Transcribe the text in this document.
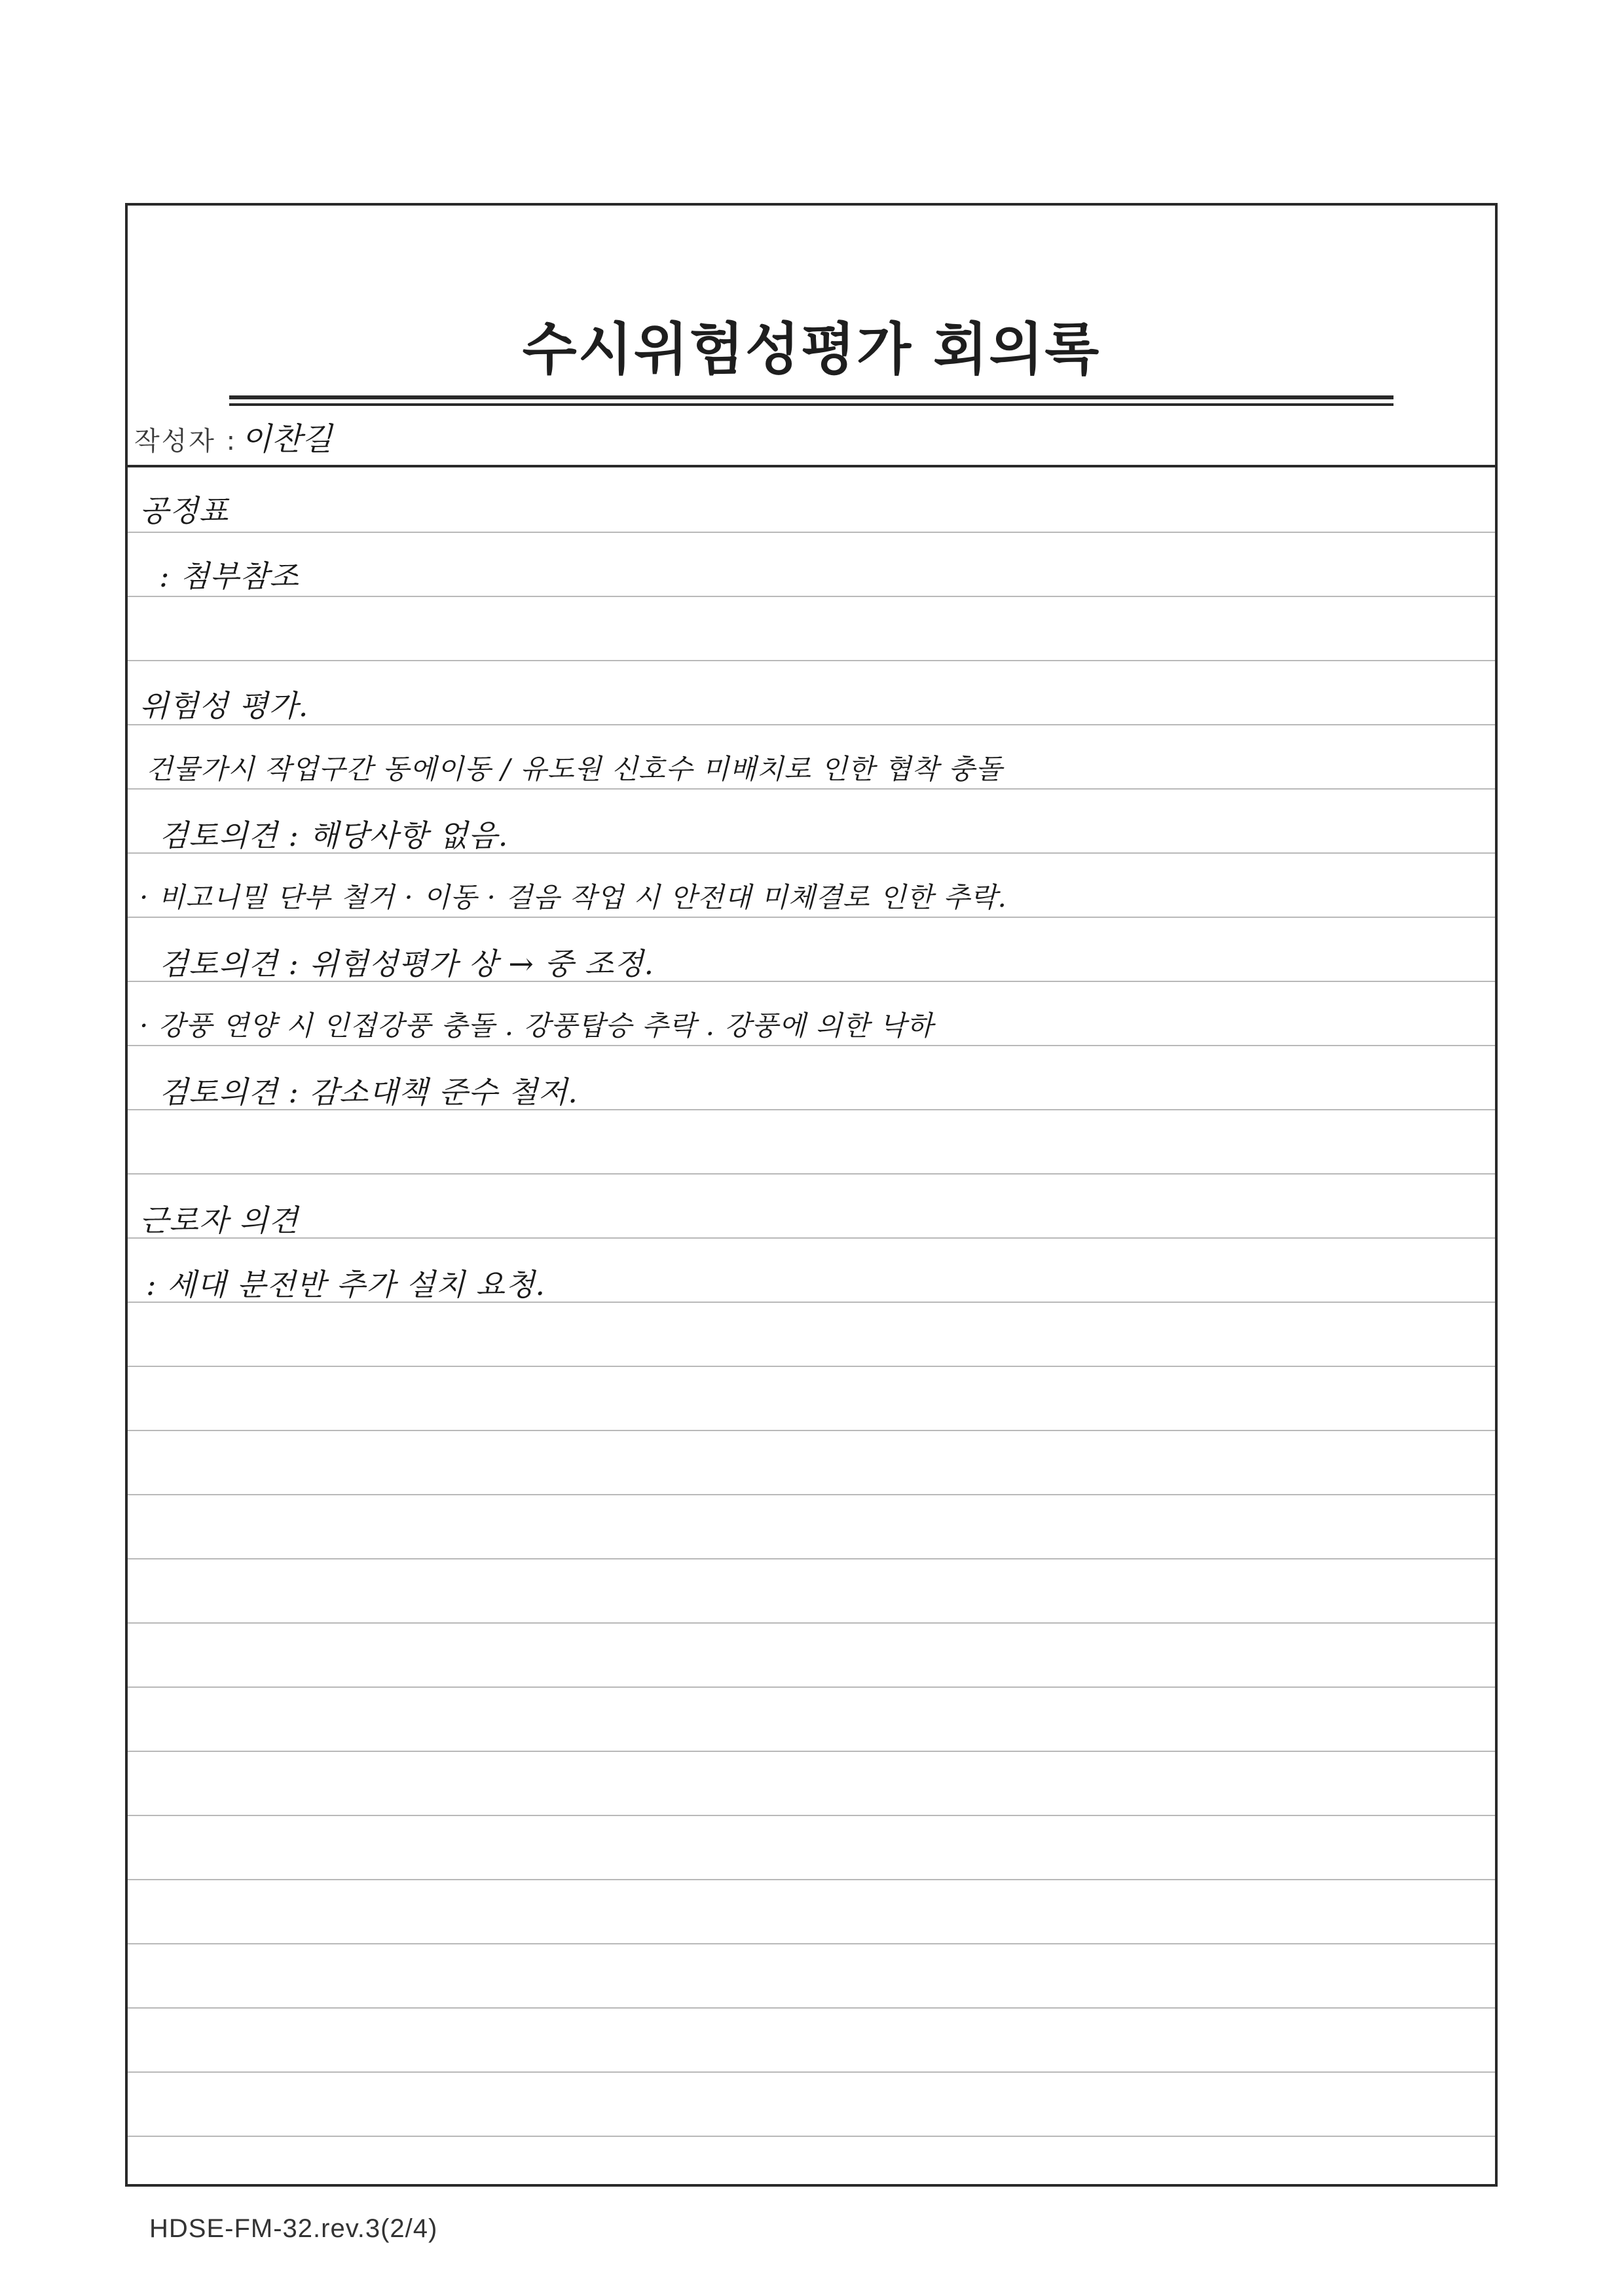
수시위험성평가 회의록
작성자 : 이찬길
공정표
: 첨부참조
위험성 평가.
건물가시 작업구간 동에이동 / 유도원 신호수 미배치로 인한 협착 충돌
검토의견 : 해당사항 없음.
· 비고니밀 단부 철거 · 이동 · 걸음 작업 시 안전대 미체결로 인한 추락.
검토의견 : 위험성평가 상 → 중 조정.
· 강풍 연양 시 인접강풍 충돌 . 강풍탑승 추락 . 강풍에 의한 낙하
검토의견 : 감소대책 준수 철저.
근로자 의견
: 세대 분전반 추가 설치 요청.
HDSE-FM-32.rev.3(2/4)
